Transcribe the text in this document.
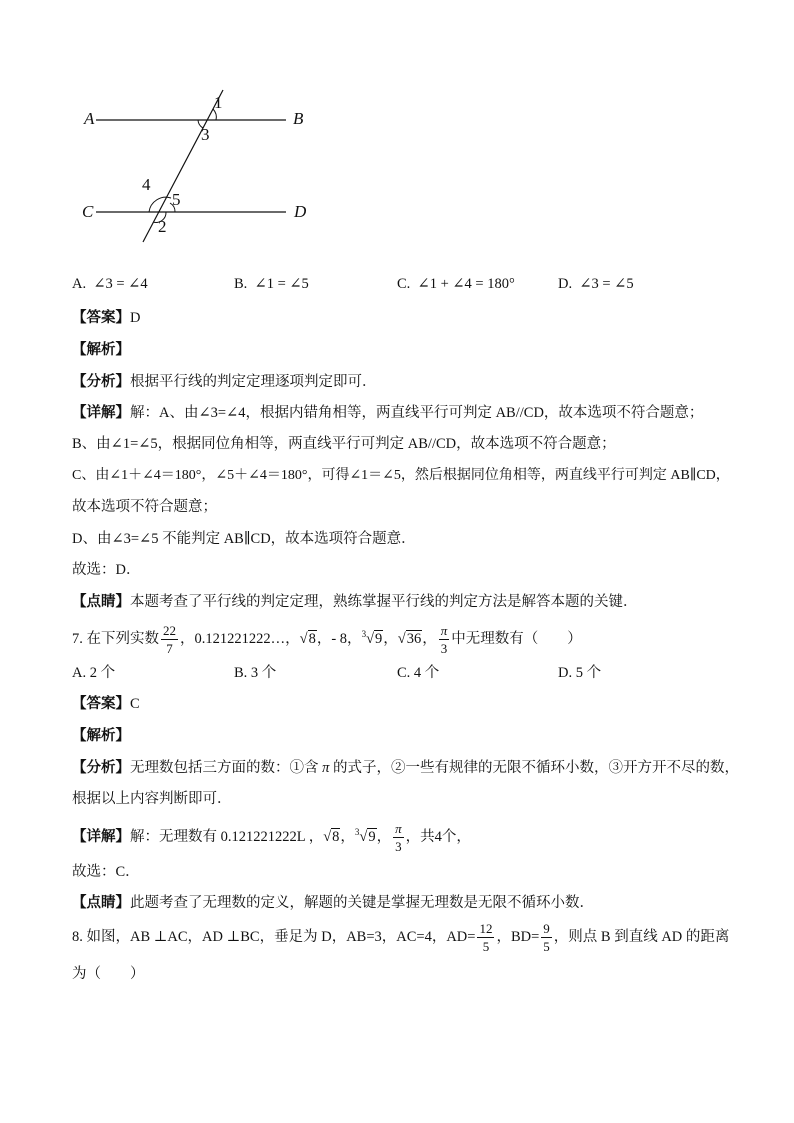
A	B
C	D
1
3
4
5
2
A. ∠3 = ∠4	B. ∠1 = ∠5	C. ∠1 + ∠4 = 180°	D. ∠3 = ∠5
【答案】D
【解析】
【分析】根据平行线的判定定理逐项判定即可．
【详解】解：A、由∠3=∠4，根据内错角相等，两直线平行可判定 AB//CD，故本选项不符合题意；
B、由∠1=∠5，根据同位角相等，两直线平行可判定 AB//CD，故本选项不符合题意；
C、由∠1＋∠4＝180°，∠5＋∠4＝180°，可得∠1＝∠5，然后根据同位角相等，两直线平行可判定 AB∥CD，
故本选项不符合题意；
D、由∠3=∠5 不能判定 AB∥CD，故本选项符合题意．
故选：D．
【点睛】本题考查了平行线的判定定理，熟练掌握平行线的判定方法是解答本题的关键．
7. 在下列实数 $\frac{22}{7}$ ，0.121221222…，√8，- 8，$^3$√9，√36， $\frac{\pi}{3}$ 中无理数有（　　）
A. 2 个	B. 3 个	C. 4 个	D. 5 个
【答案】C
【解析】
【分析】无理数包括三方面的数：①含 π 的式子，②一些有规律的无限不循环小数，③开方开不尽的数，
根据以上内容判断即可．
【详解】解：无理数有 0.121221222L ，√8，$^3$√9， $\frac{\pi}{3}$ ，共4个，
故选：C．
【点睛】此题考查了无理数的定义，解题的关键是掌握无理数是无限不循环小数．
8. 如图，AB ⊥AC，AD ⊥BC，垂足为 D，AB=3，AC=4，$AD= \frac{12}{5}$ ，$BD= \frac{9}{5}$ ，则点 B 到直线 AD 的距离
为（　　）
